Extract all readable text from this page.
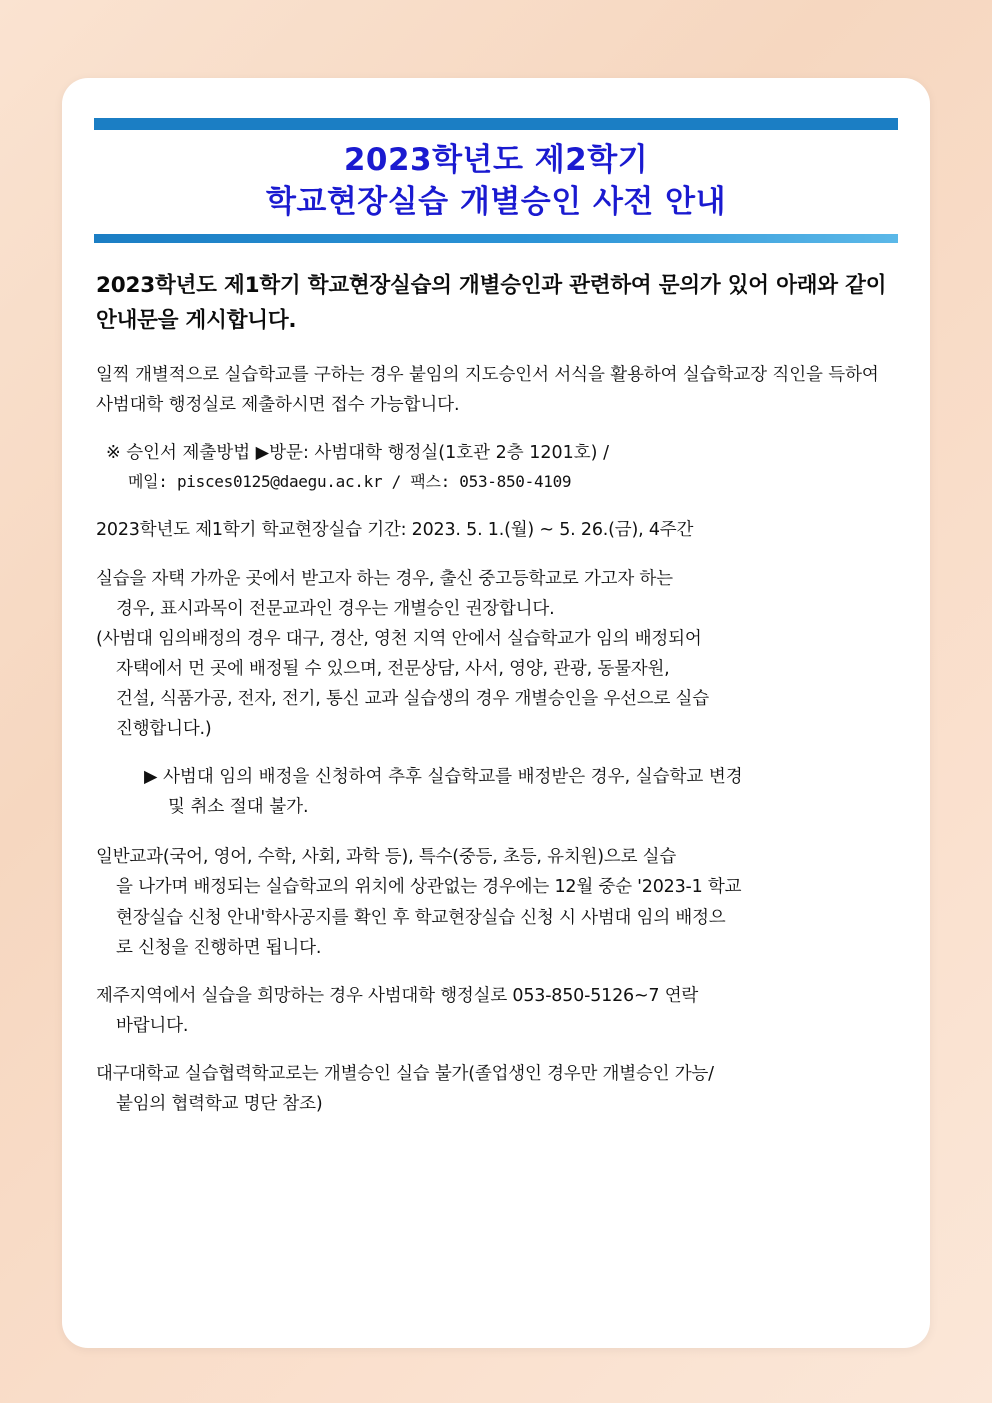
2023학년도 제2학기
학교현장실습 개별승인 사전 안내
2023학년도 제1학기 학교현장실습의 개별승인과 관련하여 문의가 있어 아래와 같이 안내문을 게시합니다.
일찍 개별적으로 실습학교를 구하는 경우 붙임의 지도승인서 서식을 활용하여 실습학교장 직인을 득하여 사범대학 행정실로 제출하시면 접수 가능합니다.
※ 승인서 제출방법 ▶방문: 사범대학 행정실(1호관 2층 1201호) /
메일: pisces0125@daegu.ac.kr / 팩스: 053-850-4109
2023학년도 제1학기 학교현장실습 기간: 2023. 5. 1.(월) ~ 5. 26.(금), 4주간
실습을 자택 가까운 곳에서 받고자 하는 경우, 출신 중고등학교로 가고자 하는
경우, 표시과목이 전문교과인 경우는 개별승인 권장합니다.
(사범대 임의배정의 경우 대구, 경산, 영천 지역 안에서 실습학교가 임의 배정되어
자택에서 먼 곳에 배정될 수 있으며, 전문상담, 사서, 영양, 관광, 동물자원,
건설, 식품가공, 전자, 전기, 통신 교과 실습생의 경우 개별승인을 우선으로 실습
진행합니다.)
▶ 사범대 임의 배정을 신청하여 추후 실습학교를 배정받은 경우, 실습학교 변경
및 취소 절대 불가.
일반교과(국어, 영어, 수학, 사회, 과학 등), 특수(중등, 초등, 유치원)으로 실습
을 나가며 배정되는 실습학교의 위치에 상관없는 경우에는 12월 중순 '2023-1 학교
현장실습 신청 안내'학사공지를 확인 후 학교현장실습 신청 시 사범대 임의 배정으
로 신청을 진행하면 됩니다.
제주지역에서 실습을 희망하는 경우 사범대학 행정실로 053-850-5126~7 연락
바랍니다.
대구대학교 실습협력학교로는 개별승인 실습 불가(졸업생인 경우만 개별승인 가능/
붙임의 협력학교 명단 참조)
